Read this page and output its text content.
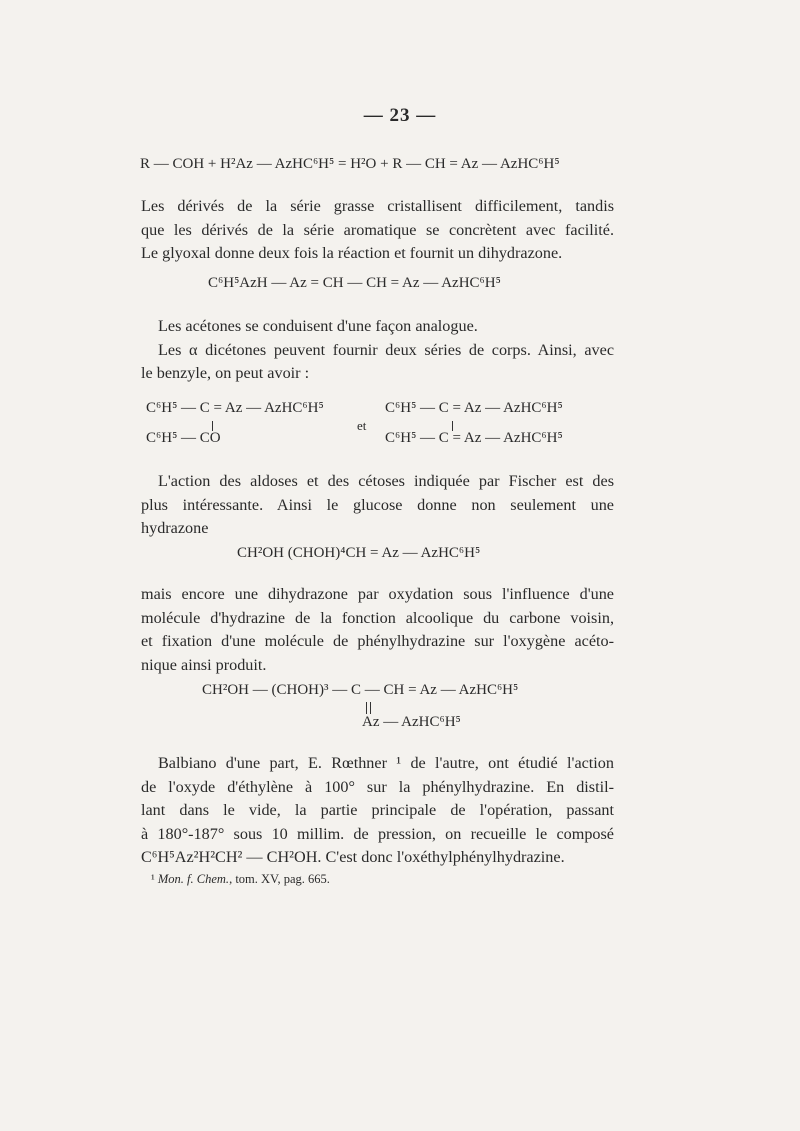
— 23 —
R — COH + H²Az — AzHC⁶H⁵ = H²O + R — CH = Az — AzHC⁶H⁵
Les dérivés de la série grasse cristallisent difficilement, tandis
que les dérivés de la série aromatique se concrètent avec facilité.
Le glyoxal donne deux fois la réaction et fournit un dihydrazone.
C⁶H⁵AzH — Az = CH — CH = Az — AzHC⁶H⁵
Les acétones se conduisent d'une façon analogue.
Les α dicétones peuvent fournir deux séries de corps. Ainsi, avec
le benzyle, on peut avoir :
C⁶H⁵ — C = Az — AzHC⁶H⁵
C⁶H⁵ — CO
et
C⁶H⁵ — C = Az — AzHC⁶H⁵
C⁶H⁵ — C = Az — AzHC⁶H⁵
L'action des aldoses et des cétoses indiquée par Fischer est des
plus intéressante. Ainsi le glucose donne non seulement une
hydrazone
CH²OH (CHOH)⁴CH = Az — AzHC⁶H⁵
mais encore une dihydrazone par oxydation sous l'influence d'une
molécule d'hydrazine de la fonction alcoolique du carbone voisin,
et fixation d'une molécule de phénylhydrazine sur l'oxygène acéto-
nique ainsi produit.
CH²OH — (CHOH)³ — C — CH = Az — AzHC⁶H⁵
Az — AzHC⁶H⁵
Balbiano d'une part, E. Rœthner ¹ de l'autre, ont étudié l'action
de l'oxyde d'éthylène à 100° sur la phénylhydrazine. En distil-
lant dans le vide, la partie principale de l'opération, passant
à 180°-187° sous 10 millim. de pression, on recueille le composé
C⁶H⁵Az²H²CH² — CH²OH. C'est donc l'oxéthylphénylhydrazine.
¹ Mon. f. Chem., tom. XV, pag. 665.
